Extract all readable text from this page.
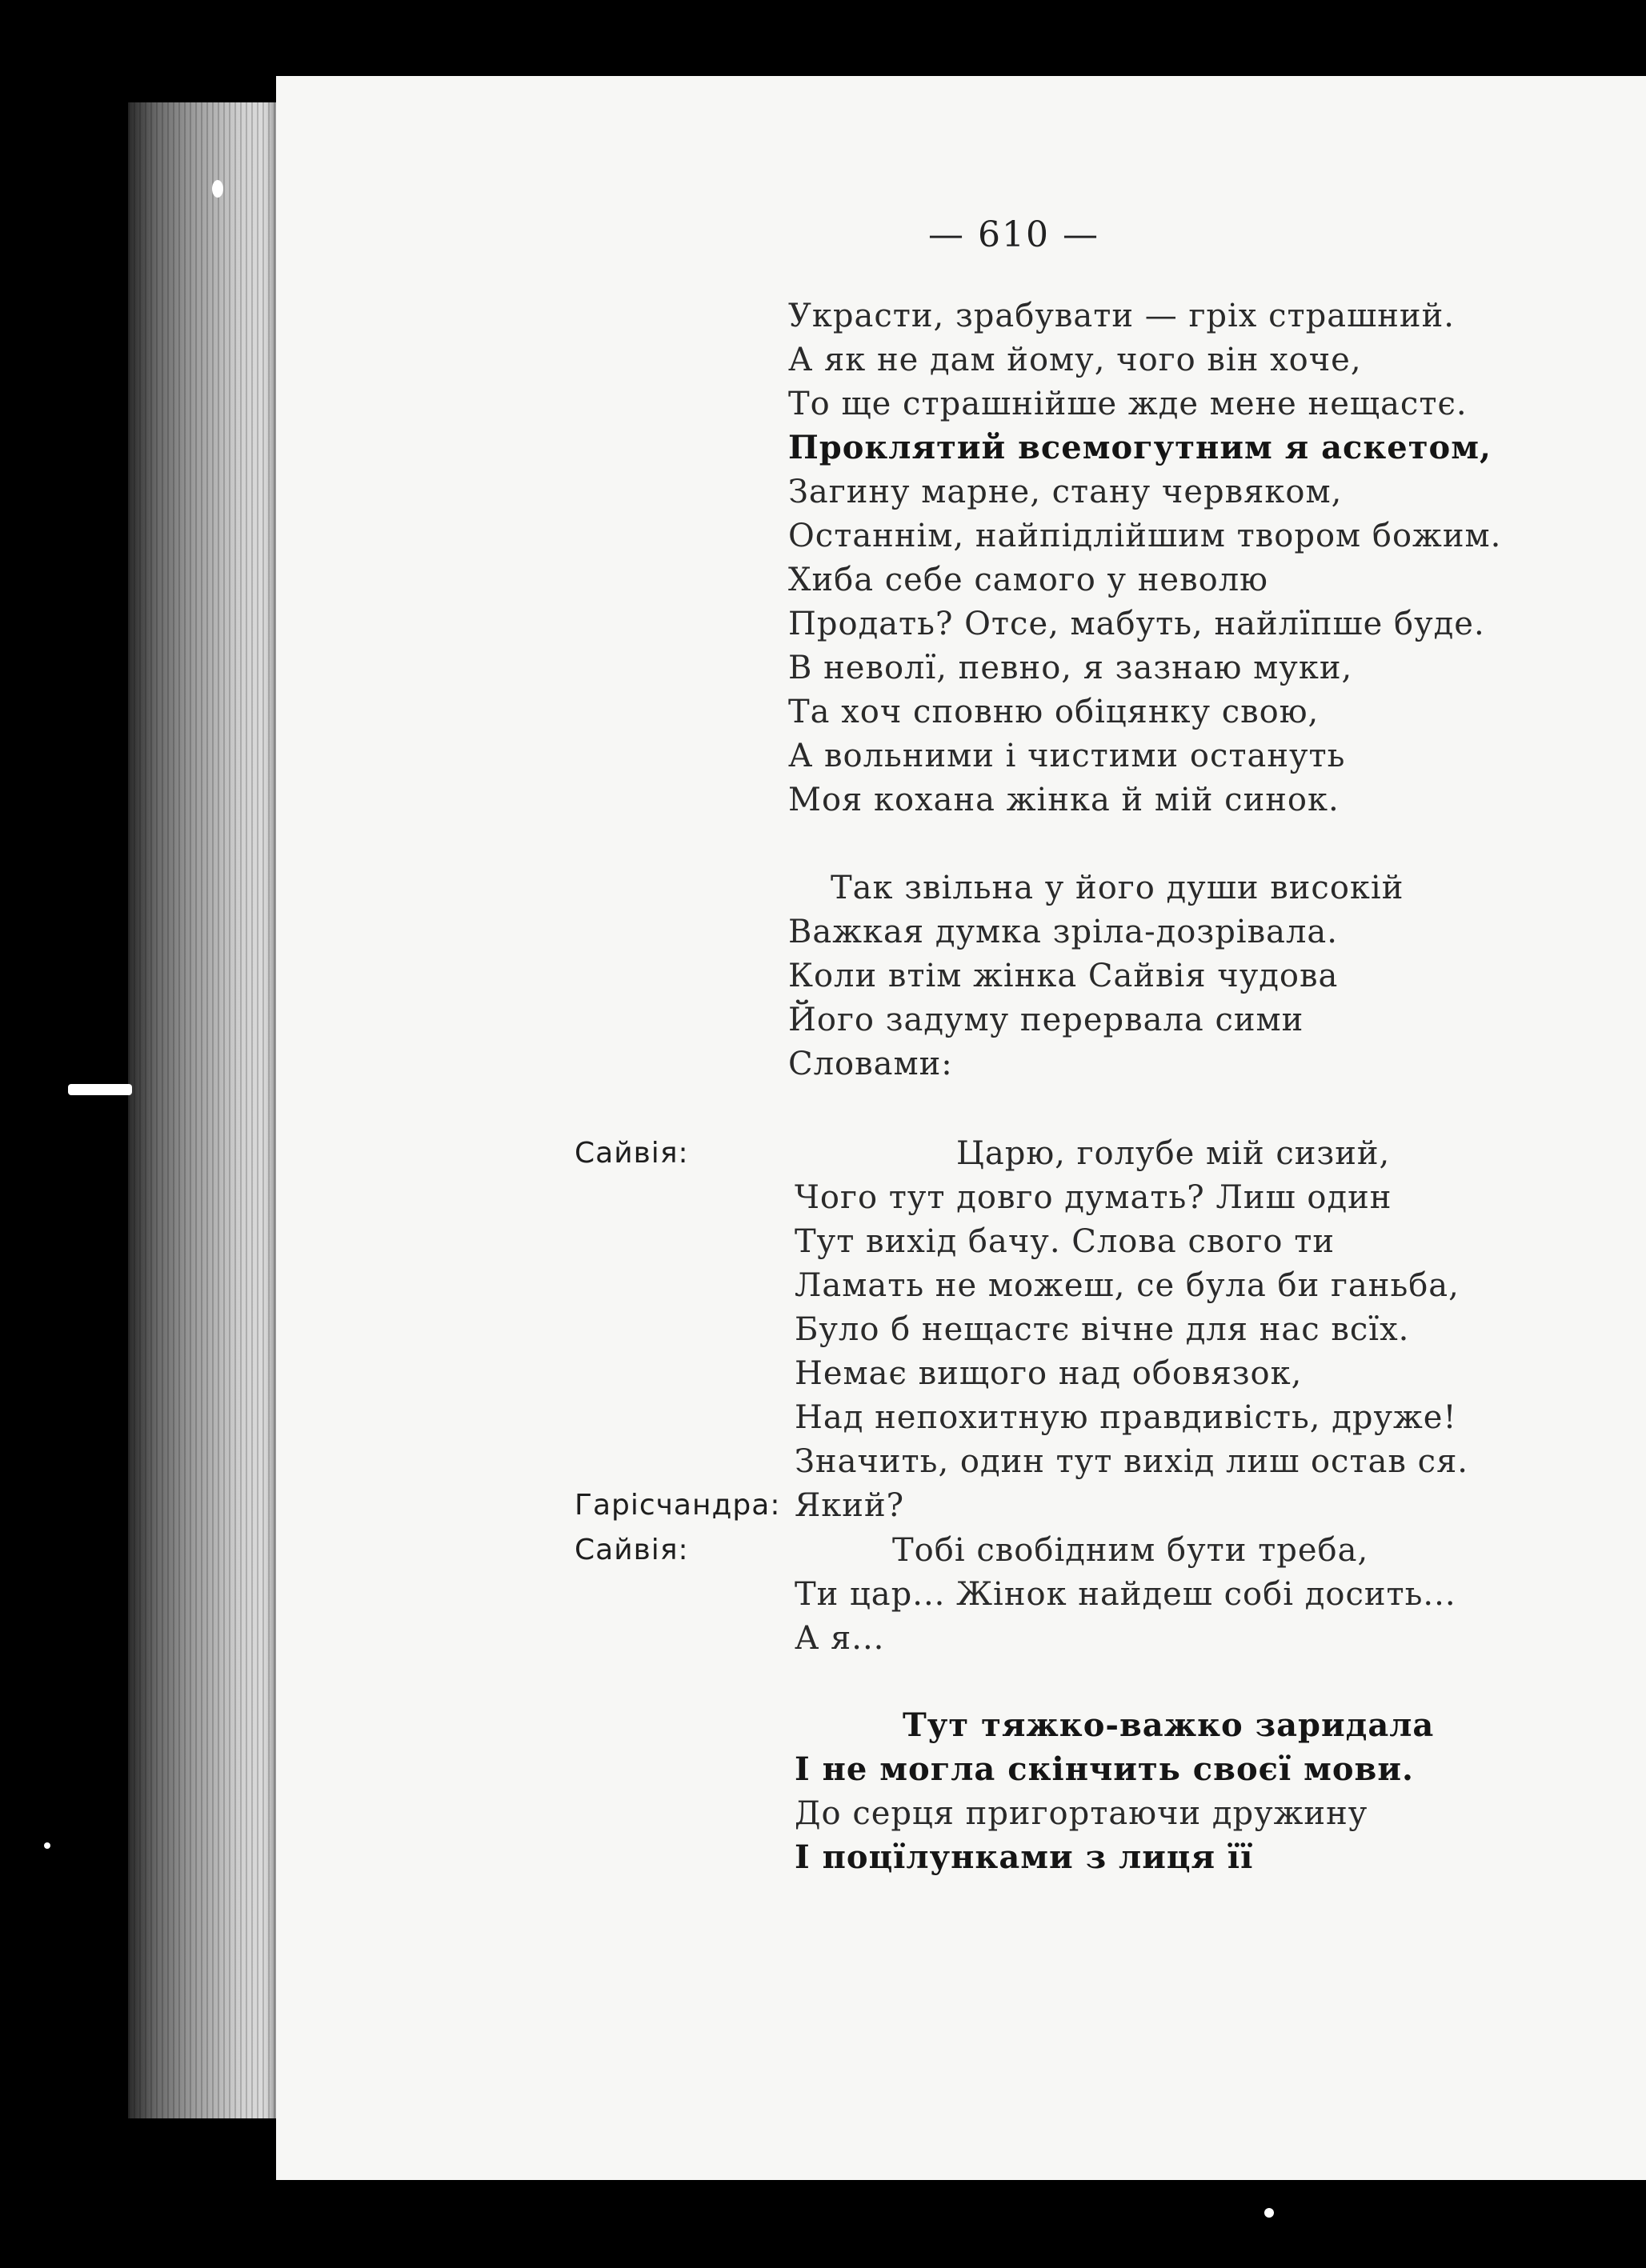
— 610 —
Украсти, зрабувати — гріх страшний.
А як не дам йому, чого він хоче,
То ще страшнійше жде мене нещастє.
Проклятий всемогутним я аскетом,
Загину марне, стану червяком,
Останнім, найпідлійшим твором божим.
Хиба себе самого у неволю
Продать? Отсе, мабуть, найлїпше буде.
В неволї, певно, я зазнаю муки,
Та хоч сповню обіцянку свою,
А вольними і чистими остануть
Моя кохана жінка й мій синок.
Так звільна у його души високій
Важкая думка зріла-дозрівала.
Коли втім жінка Сайвія чудова
Його задуму перервала сими
Словами:
Сайвія:	Царю, голубе мій сизий,
Чого тут довго думать? Лиш один
Тут вихід бачу. Слова свого ти
Ламать не можеш, се була би ганьба,
Було б нещастє вічне для нас всїх.
Немає вищого над обовязок,
Над непохитную правдивість, друже!
Значить, один тут вихід лиш остав ся.
Гарісчандра: Який?
Сайвія:	Тобі свобідним бути треба,
Ти цар... Жінок найдеш собі досить...
А я...
Тут тяжко-важко зaридала
І не могла скінчить своєї мови.
До серця пригортаючи дружину
І поцїлунками з лиця її
